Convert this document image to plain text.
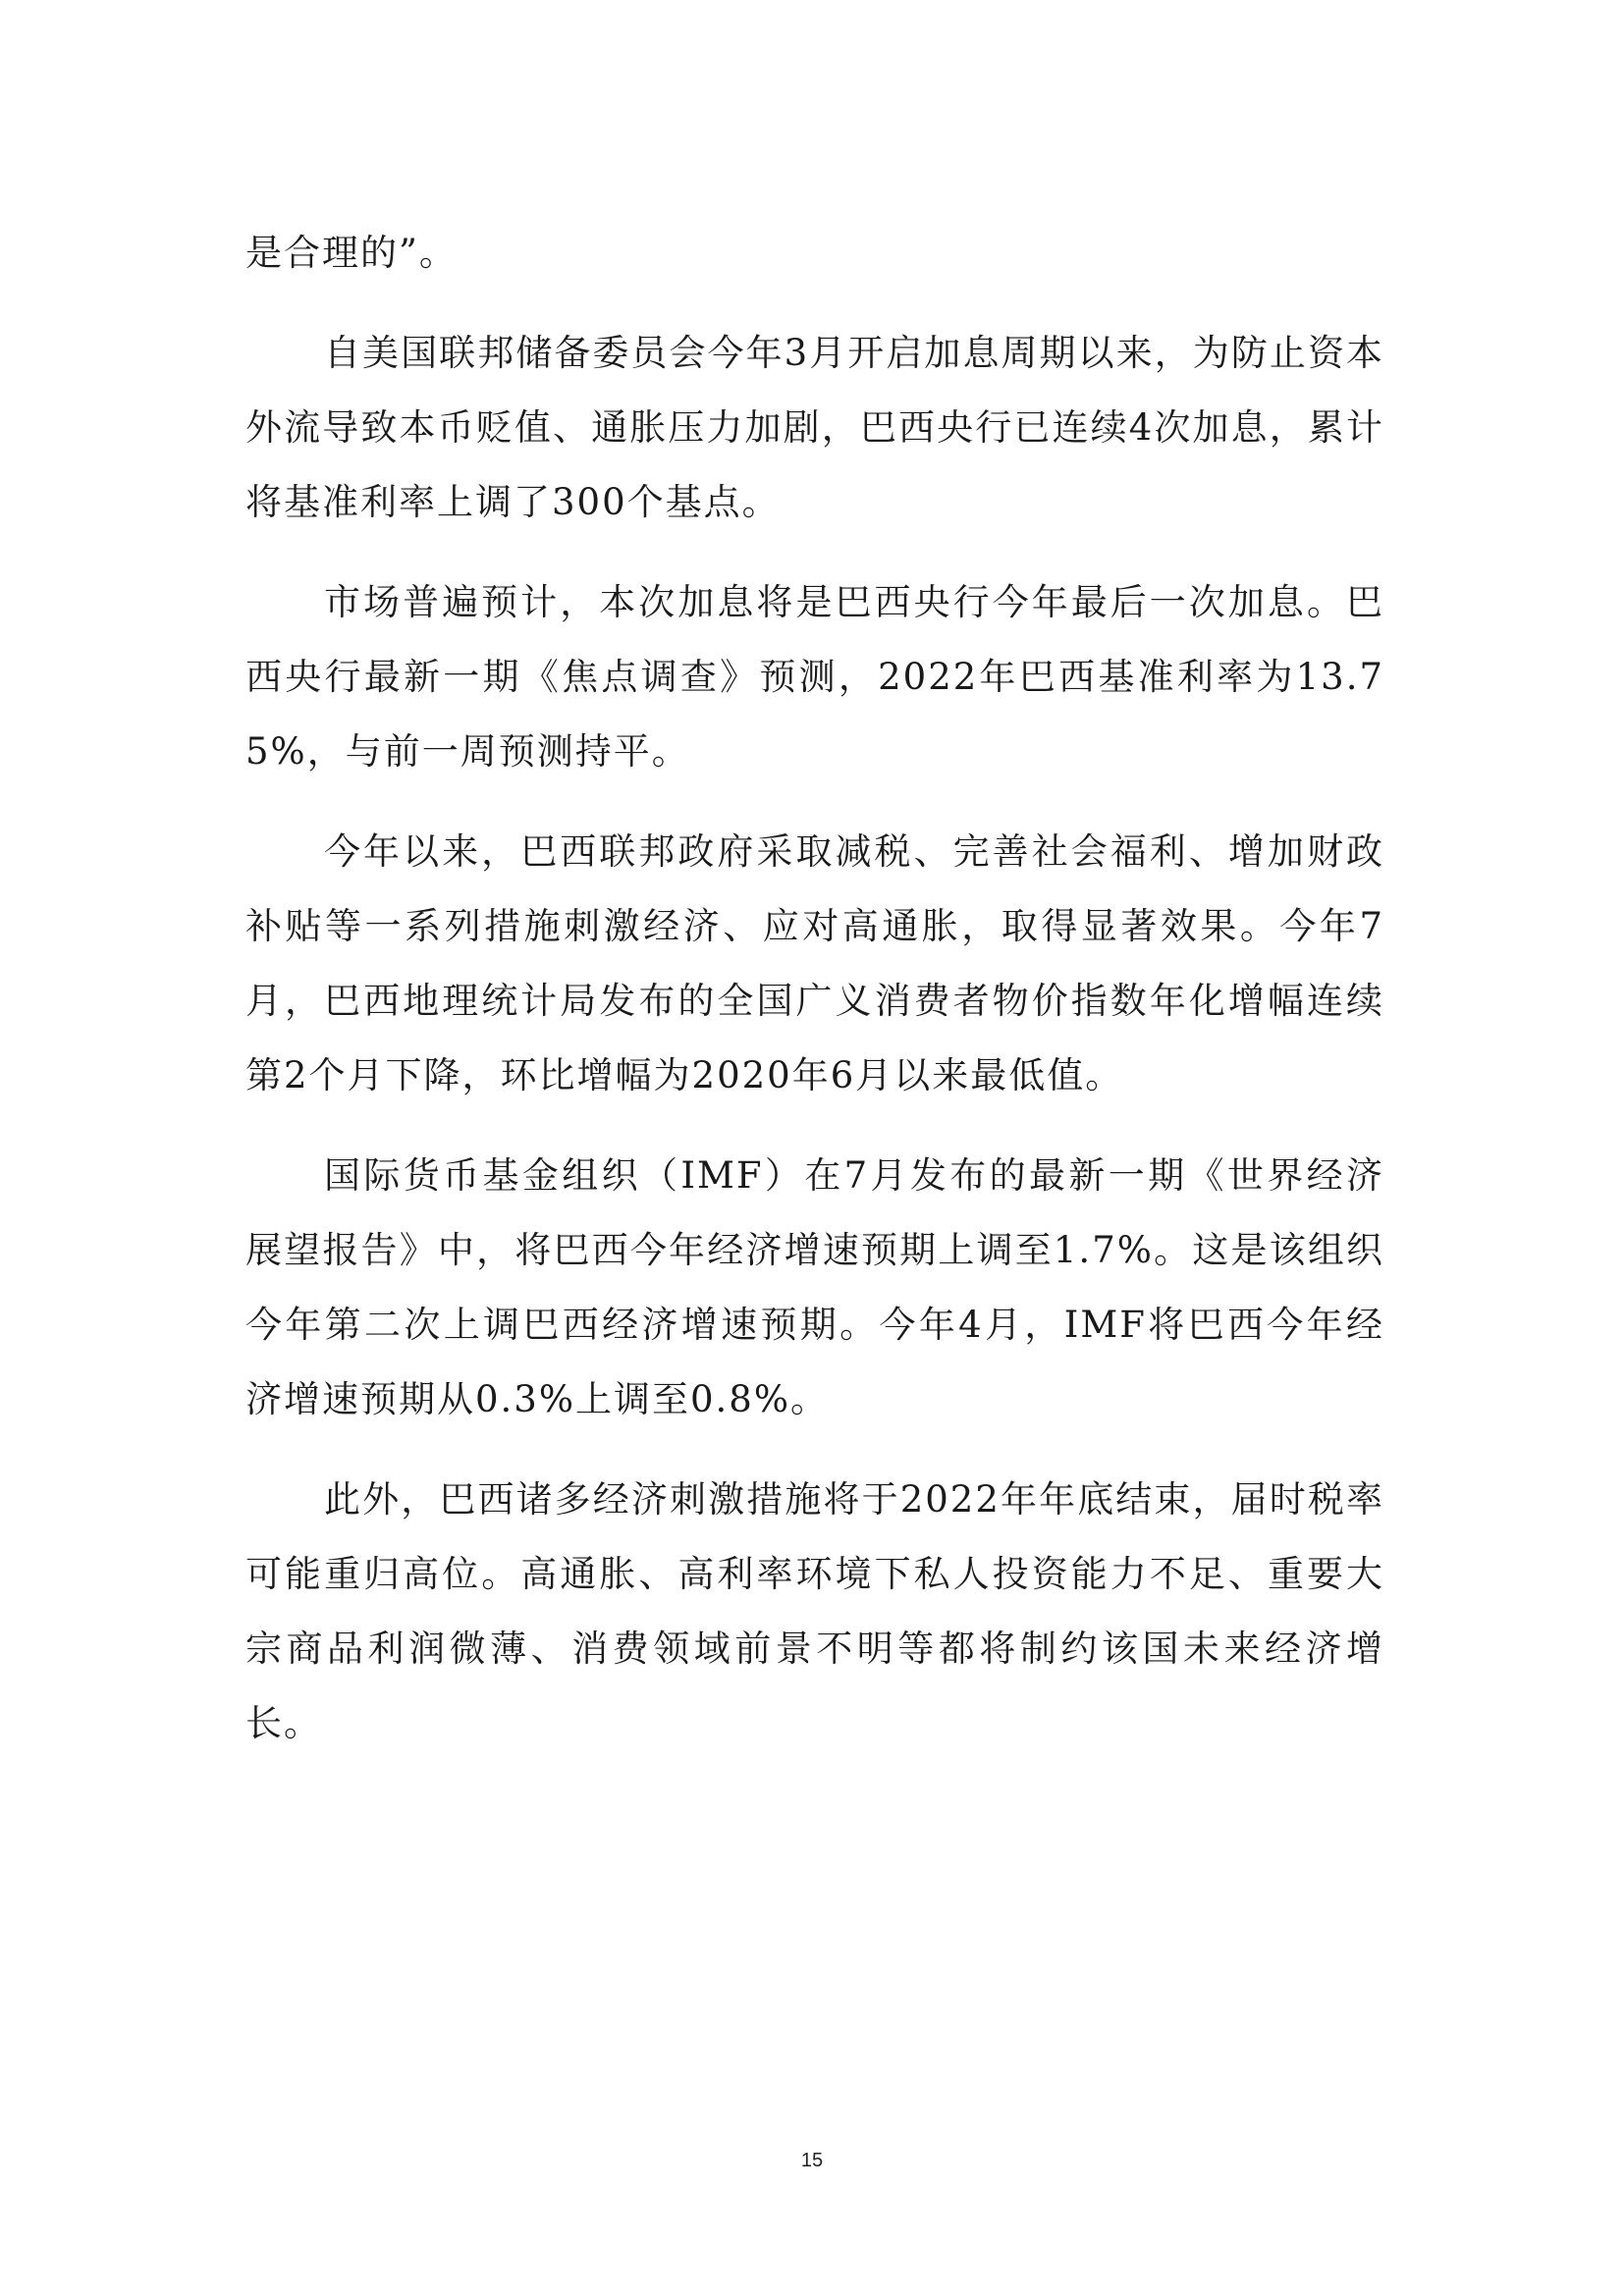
是合理的”。

自美国联邦储备委员会今年3月开启加息周期以来，为防止资本外流导致本币贬值、通胀压力加剧，巴西央行已连续4次加息，累计将基准利率上调了300个基点。

市场普遍预计，本次加息将是巴西央行今年最后一次加息。巴西央行最新一期《焦点调查》预测，2022年巴西基准利率为13.75%，与前一周预测持平。

今年以来，巴西联邦政府采取减税、完善社会福利、增加财政补贴等一系列措施刺激经济、应对高通胀，取得显著效果。今年7月，巴西地理统计局发布的全国广义消费者物价指数年化增幅连续第2个月下降，环比增幅为2020年6月以来最低值。

国际货币基金组织（IMF）在7月发布的最新一期《世界经济展望报告》中，将巴西今年经济增速预期上调至1.7%。这是该组织今年第二次上调巴西经济增速预期。今年4月，IMF将巴西今年经济增速预期从0.3%上调至0.8%。

此外，巴西诸多经济刺激措施将于2022年年底结束，届时税率可能重归高位。高通胀、高利率环境下私人投资能力不足、重要大宗商品利润微薄、消费领域前景不明等都将制约该国未来经济增长。

15
